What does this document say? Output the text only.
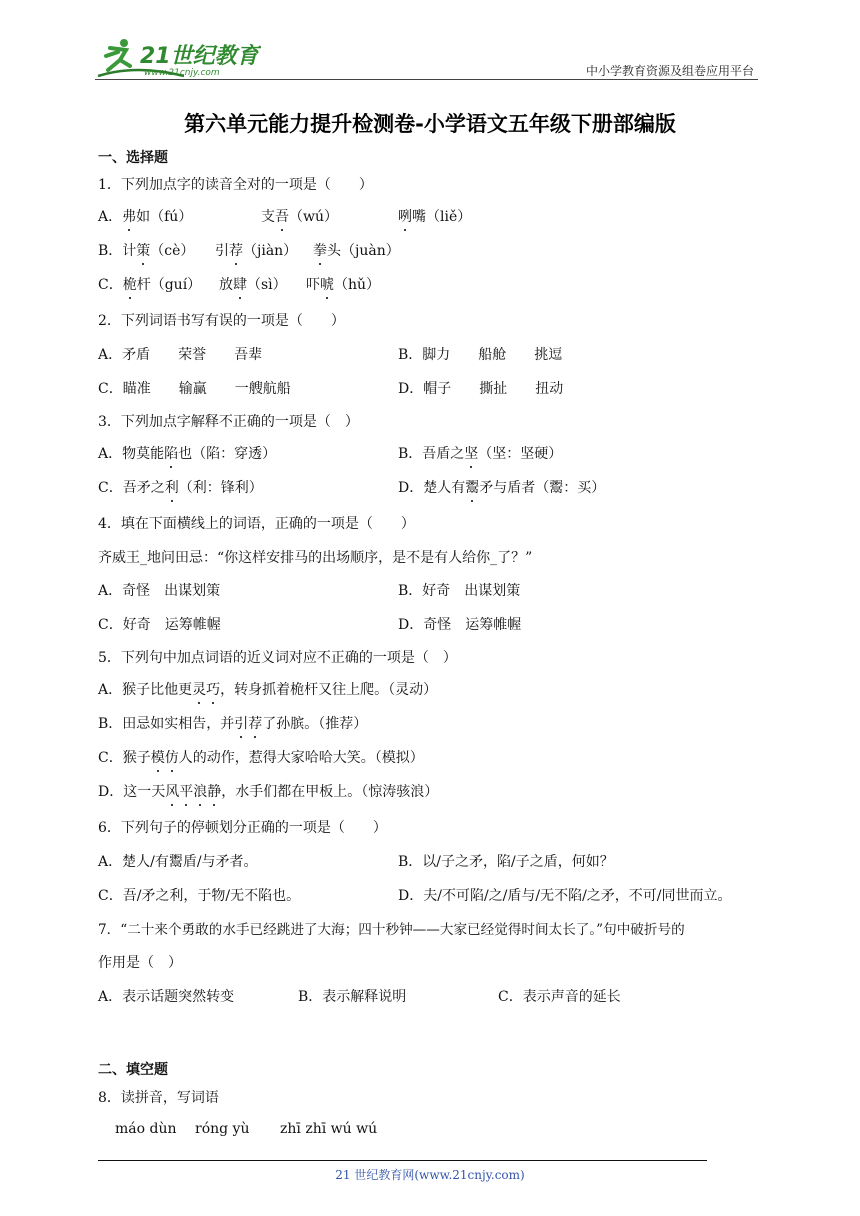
21世纪教育
www.21cnjy.com	中小学教育资源及组卷应用平台
第六单元能力提升检测卷-小学语文五年级下册部编版
一、选择题
1．下列加点字的读音全对的一项是（　　）
A．弗如（fú）	支吾（wú）	咧嘴（liě）
B．计策（cè） 引荐（jiàn） 拳头（juàn）
C．桅杆（guí） 放肆（sì） 吓唬（hǔ）
2．下列词语书写有误的一项是（　　）
A．矛盾　　荣誉　　吾辈	B．脚力　　船舱　　挑逗
C．瞄准　　输赢　　一艘航船	D．帽子　　撕扯　　扭动
3．下列加点字解释不正确的一项是（　）
A．物莫能陷也（陷：穿透）	B．吾盾之坚（坚：坚硬）
C．吾矛之利（利：锋利）	D．楚人有鬻矛与盾者（鬻：买）
4．填在下面横线上的词语，正确的一项是（　　）
齐威王_地问田忌：“你这样安排马的出场顺序，是不是有人给你_了？”
A．奇怪　出谋划策	B．好奇　出谋划策
C．好奇　运筹帷幄	D．奇怪　运筹帷幄
5．下列句中加点词语的近义词对应不正确的一项是（　）
A．猴子比他更灵巧，转身抓着桅杆又往上爬。（灵动）
B．田忌如实相告，并引荐了孙膑。（推荐）
C．猴子模仿人的动作，惹得大家哈哈大笑。（模拟）
D．这一天风平浪静，水手们都在甲板上。（惊涛骇浪）
6．下列句子的停顿划分正确的一项是（　　）
A．楚人/有鬻盾/与矛者。	B．以/子之矛，陷/子之盾，何如？
C．吾/矛之利，于物/无不陷也。	D．夫/不可陷/之/盾与/无不陷/之矛，不可/同世而立。
7．“二十来个勇敢的水手已经跳进了大海；四十秒钟——大家已经觉得时间太长了。”句中破折号的
作用是（　）
A．表示话题突然转变	B．表示解释说明	C．表示声音的延长
二、填空题
8．读拼音，写词语
máo dùn róng yù zhī zhī wú wú
21 世纪教育网(www.21cnjy.com)
